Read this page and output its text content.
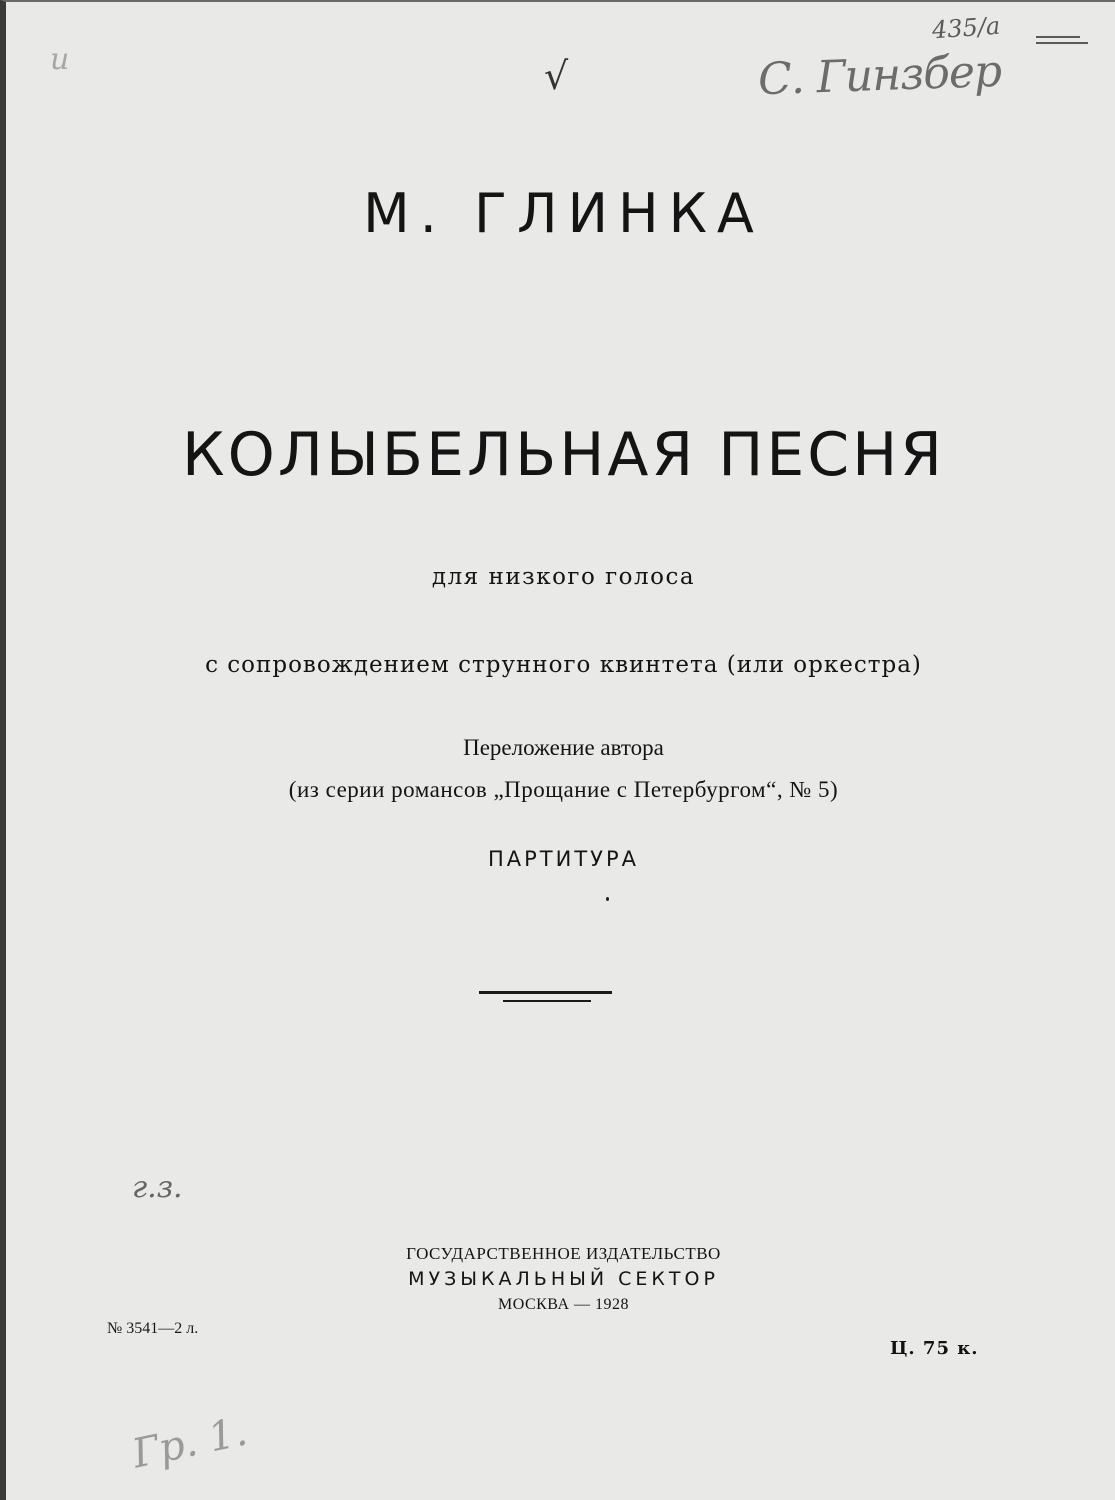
и	√	С. Гинзбер
435/а
М. ГЛИНКА
КОЛЫБЕЛЬНАЯ ПЕСНЯ
для низкого голоса
с сопровождением струнного квинтета (или оркестра)
Переложение автора
(из серии романсов „Прощание с Петербургом“, № 5)
ПАРТИТУРА
г.з.
ГОСУДАРСТВЕННОЕ ИЗДАТЕЛЬСТВО
МУЗЫКАЛЬНЫЙ СЕКТОР
МОСКВА — 1928
№ 3541—2 л.
Ц. 75 к.
Гр. 1.
